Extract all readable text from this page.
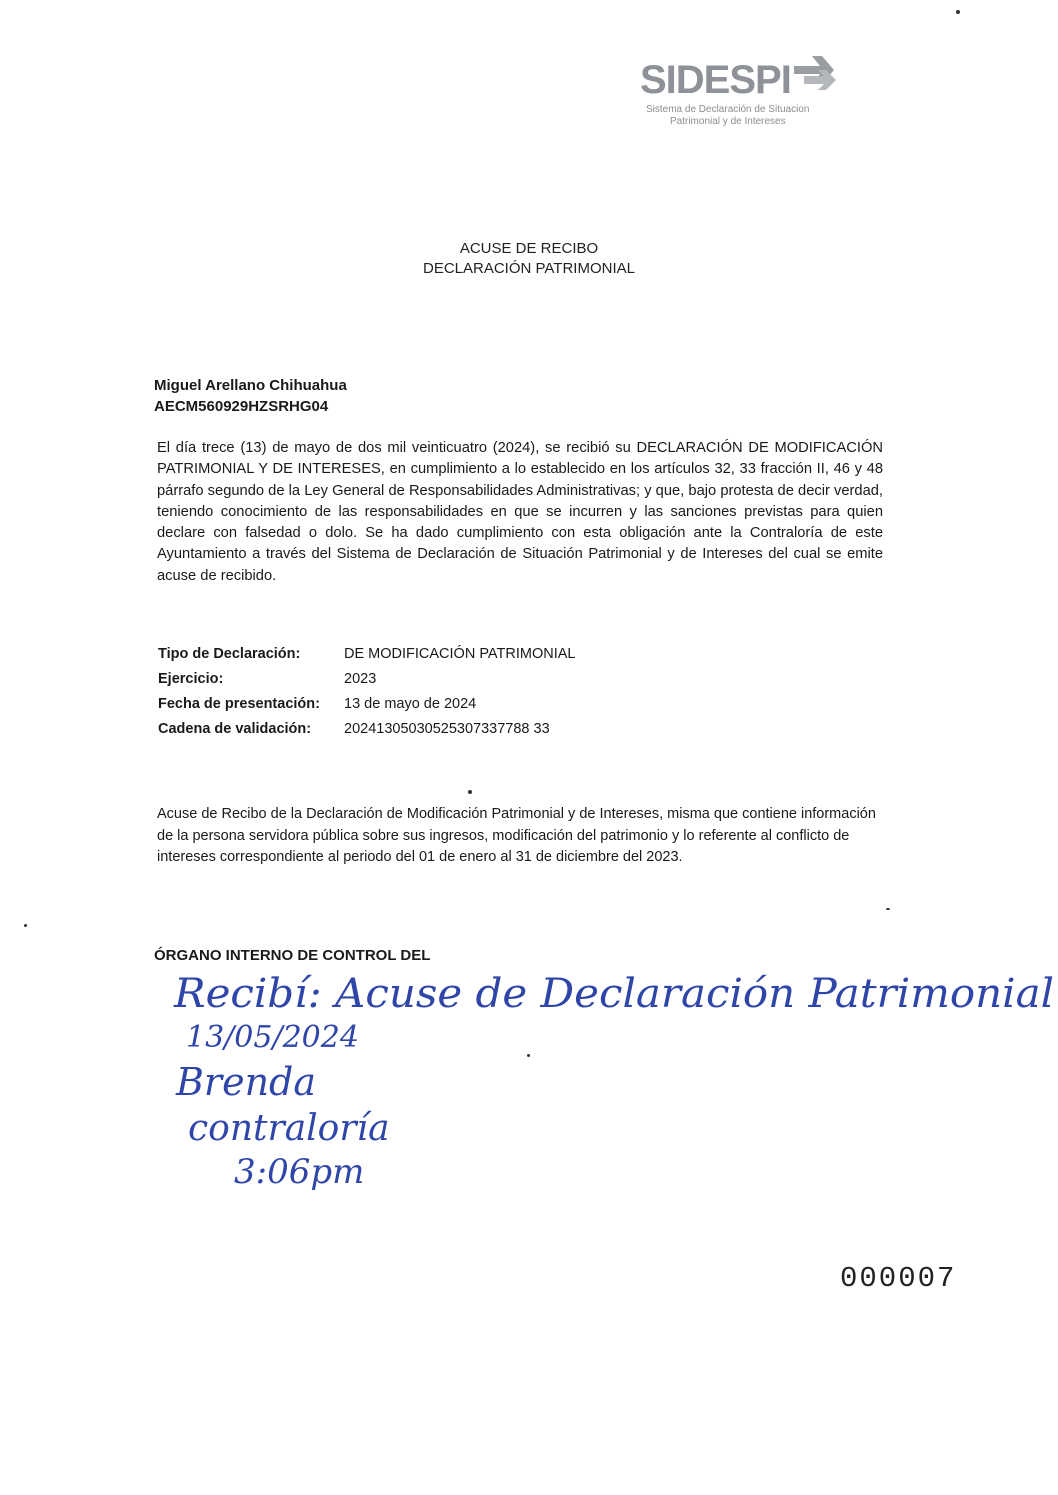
SIDESPI
Sistema de Declaración de Situacion
Patrimonial y de Intereses
ACUSE DE RECIBO
DECLARACIÓN PATRIMONIAL
Miguel Arellano Chihuahua
AECM560929HZSRHG04

El día trece (13) de mayo de dos mil veinticuatro (2024), se recibió su DECLARACIÓN DE MODIFICACIÓN PATRIMONIAL Y DE INTERESES, en cumplimiento a lo establecido en los artículos 32, 33 fracción II, 46 y 48 párrafo segundo de la Ley General de Responsabilidades Administrativas; y que, bajo protesta de decir verdad, teniendo conocimiento de las responsabilidades en que se incurren y las sanciones previstas para quien declare con falsedad o dolo. Se ha dado cumplimiento con esta obligación ante la Contraloría de este Ayuntamiento a través del Sistema de Declaración de Situación Patrimonial y de Intereses del cual se emite acuse de recibido.

Tipo de Declaración:	DE MODIFICACIÓN PATRIMONIAL
Ejercicio:	2023
Fecha de presentación: 13 de mayo de 2024
Cadena de validación: 20241305030525307337788 33

Acuse de Recibo de la Declaración de Modificación Patrimonial y de Intereses, misma que contiene información de la persona servidora pública sobre sus ingresos, modificación del patrimonio y lo referente al conflicto de intereses correspondiente al periodo del 01 de enero al 31 de diciembre del 2023.

ÓRGANO INTERNO DE CONTROL DEL
Recibí: Acuse de Declaración Patrimonial
13/05/2024
Brenda
contraloría
3:06pm
000007
